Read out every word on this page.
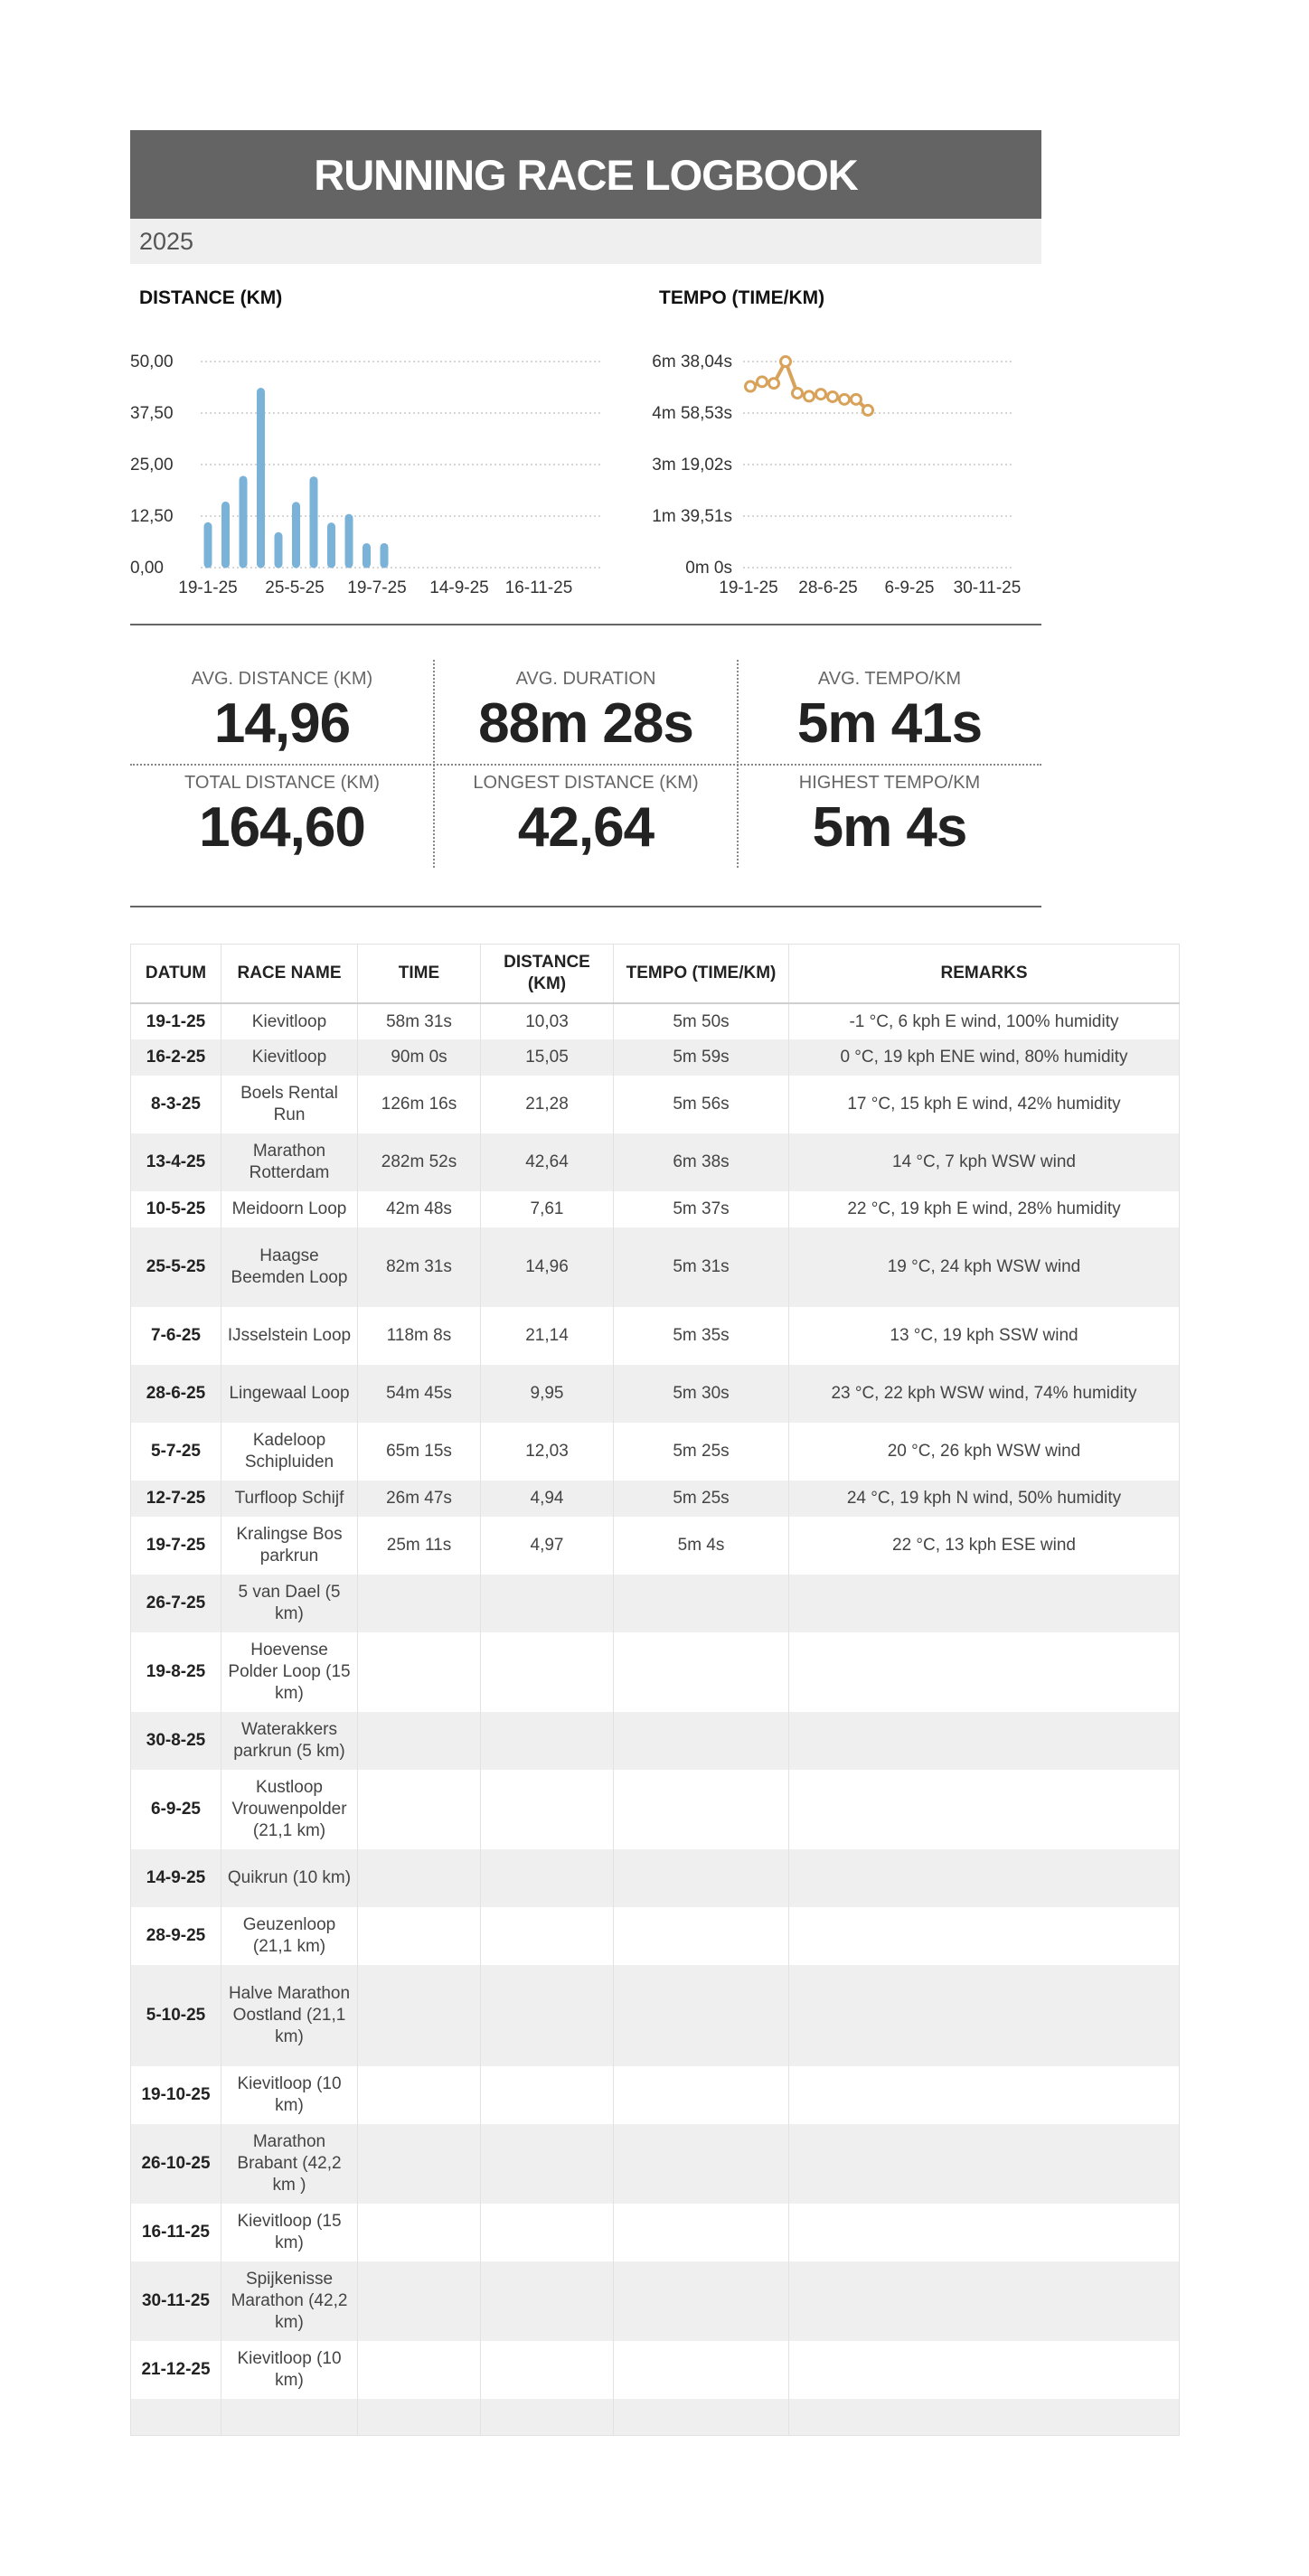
RUNNING RACE LOGBOOK
2025
DISTANCE (KM)	TEMPO (TIME/KM)
50,00
37,50
25,00
12,50
0,00
19-1-25 25-5-25 19-7-25 14-9-25 16-11-25
6m 38,04s
4m 58,53s
3m 19,02s
1m 39,51s
0m 0s
19-1-25 28-6-25 6-9-25 30-11-25
AVG. DISTANCE (KM)
14,96
AVG. DURATION
88m 28s
AVG. TEMPO/KM
5m 41s
TOTAL DISTANCE (KM)
164,60
LONGEST DISTANCE (KM)
42,64
HIGHEST TEMPO/KM
5m 4s
DATUM	RACE NAME	TIME	DISTANCE (KM)	TEMPO (TIME/KM)	REMARKS
19-1-25	Kievitloop	58m 31s	10,03	5m 50s	-1 °C, 6 kph E wind, 100% humidity
16-2-25	Kievitloop	90m 0s	15,05	5m 59s	0 °C, 19 kph ENE wind, 80% humidity
8-3-25	Boels Rental Run	126m 16s	21,28	5m 56s	17 °C, 15 kph E wind, 42% humidity
13-4-25	Marathon Rotterdam	282m 52s	42,64	6m 38s	14 °C, 7 kph WSW wind
10-5-25	Meidoorn Loop	42m 48s	7,61	5m 37s	22 °C, 19 kph E wind, 28% humidity
25-5-25	Haagse Beemden Loop	82m 31s	14,96	5m 31s	19 °C, 24 kph WSW wind
7-6-25	IJsselstein Loop	118m 8s	21,14	5m 35s	13 °C, 19 kph SSW wind
28-6-25	Lingewaal Loop	54m 45s	9,95	5m 30s	23 °C, 22 kph WSW wind, 74% humidity
5-7-25	Kadeloop Schipluiden	65m 15s	12,03	5m 25s	20 °C, 26 kph WSW wind
12-7-25	Turfloop Schijf	26m 47s	4,94	5m 25s	24 °C, 19 kph N wind, 50% humidity
19-7-25	Kralingse Bos parkrun	25m 11s	4,97	5m 4s	22 °C, 13 kph ESE wind
26-7-25	5 van Dael (5 km)				
19-8-25	Hoevense Polder Loop (15 km)				
30-8-25	Waterakkers parkrun (5 km)				
6-9-25	Kustloop Vrouwenpolder (21,1 km)				
14-9-25	Quikrun (10 km)				
28-9-25	Geuzenloop (21,1 km)				
5-10-25	Halve Marathon Oostland (21,1 km)				
19-10-25	Kievitloop (10 km)				
26-10-25	Marathon Brabant (42,2 km )				
16-11-25	Kievitloop (15 km)				
30-11-25	Spijkenisse Marathon (42,2 km)				
21-12-25	Kievitloop (10 km)				
